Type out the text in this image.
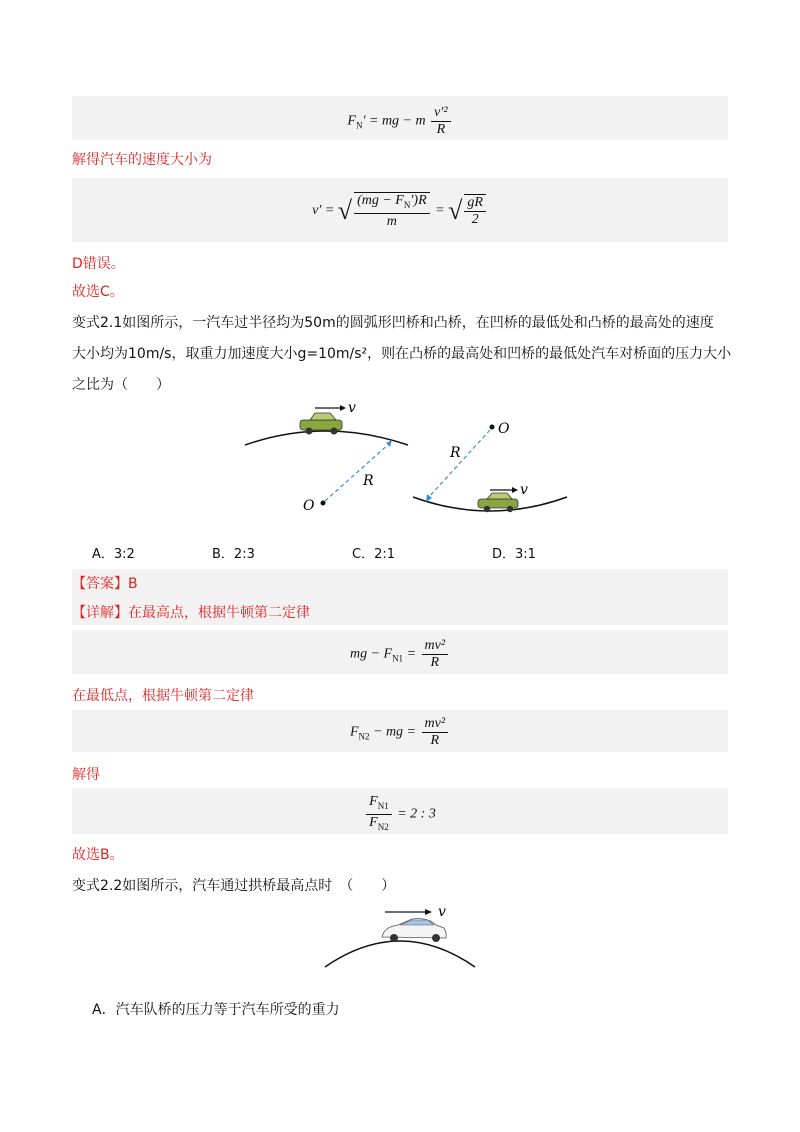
$F_N'$ = mg − m $\frac{\text{v′²}}{R}$
解得汽车的速度大小为
v′ = √ $\frac{(mg - F_N')R}{m}$ = √ $\frac{gR}{2}$
D错误。
故选C。
变式2.1如图所示，一汽车过半径均为50m的圆弧形凹桥和凸桥，在凹桥的最低处和凸桥的最高处的速度
大小均为10m/s，取重力加速度大小g=10m/s²，则在凸桥的最高处和凹桥的最低处汽车对桥面的压力大小
之比为（　　）
v
O
R
v
O
R
A．3:2	B．2:3	C．2:1	D．3:1
【答案】B
【详解】在最高点，根据牛顿第二定律
mg − $F_{N1} = \frac{\text{mv²}}{R}$
在最低点，根据牛顿第二定律
$F_{N2}$ − mg = $\frac{\text{mv²}}{R}$
解得
$\frac{F_{N1}}{F_{N2}} = 2$ : 3
故选B。
变式2.2如图所示，汽车通过拱桥最高点时　（　　）
v
A．汽车队桥的压力等于汽车所受的重力
